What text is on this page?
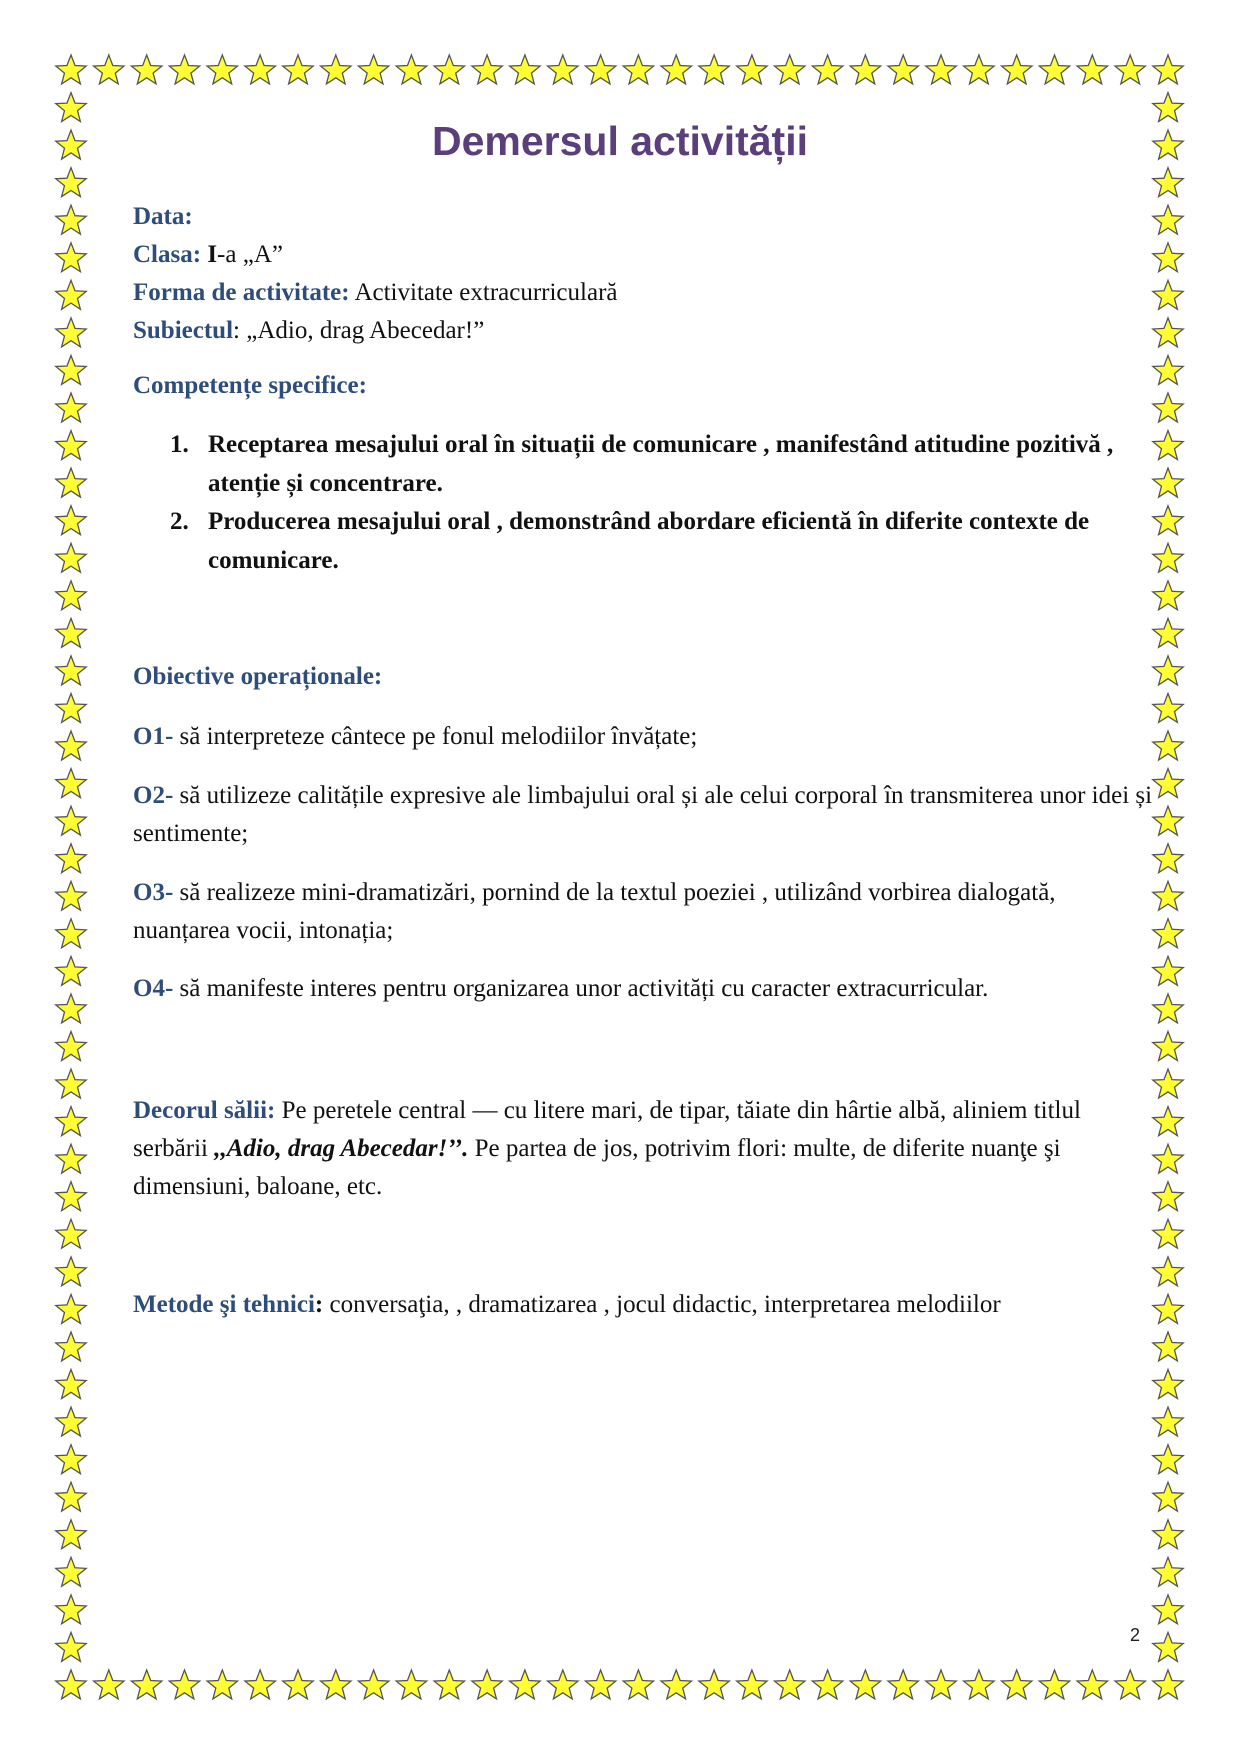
Demersul activității
Data:
Clasa: I-a „A”
Forma de activitate: Activitate extracurriculară
Subiectul: „Adio, drag Abecedar!”
Competențe specifice:
1. Receptarea mesajului oral în situații de comunicare , manifestând atitudine pozitivă , atenție și concentrare.
2. Producerea mesajului oral , demonstrând abordare eficientă în diferite contexte de comunicare.
Obiective operaționale:
O1- să interpreteze cântece pe fonul melodiilor învățate;
O2- să utilizeze calitățile expresive ale limbajului oral și ale celui corporal în transmiterea unor idei și sentimente;
O3- să realizeze mini-dramatizări, pornind de la textul poeziei , utilizând vorbirea dialogată, nuanțarea vocii, intonația;
O4- să manifeste interes pentru organizarea unor activități cu caracter extracurricular.
Decorul sălii: Pe peretele central — cu litere mari, de tipar, tăiate din hârtie albă, aliniem titlul serbării ,,Adio, drag Abecedar!’’. Pe partea de jos, potrivim flori: multe, de diferite nuanţe şi dimensiuni, baloane, etc.
Metode şi tehnici: conversaţia, , dramatizarea , jocul didactic, interpretarea melodiilor
2
